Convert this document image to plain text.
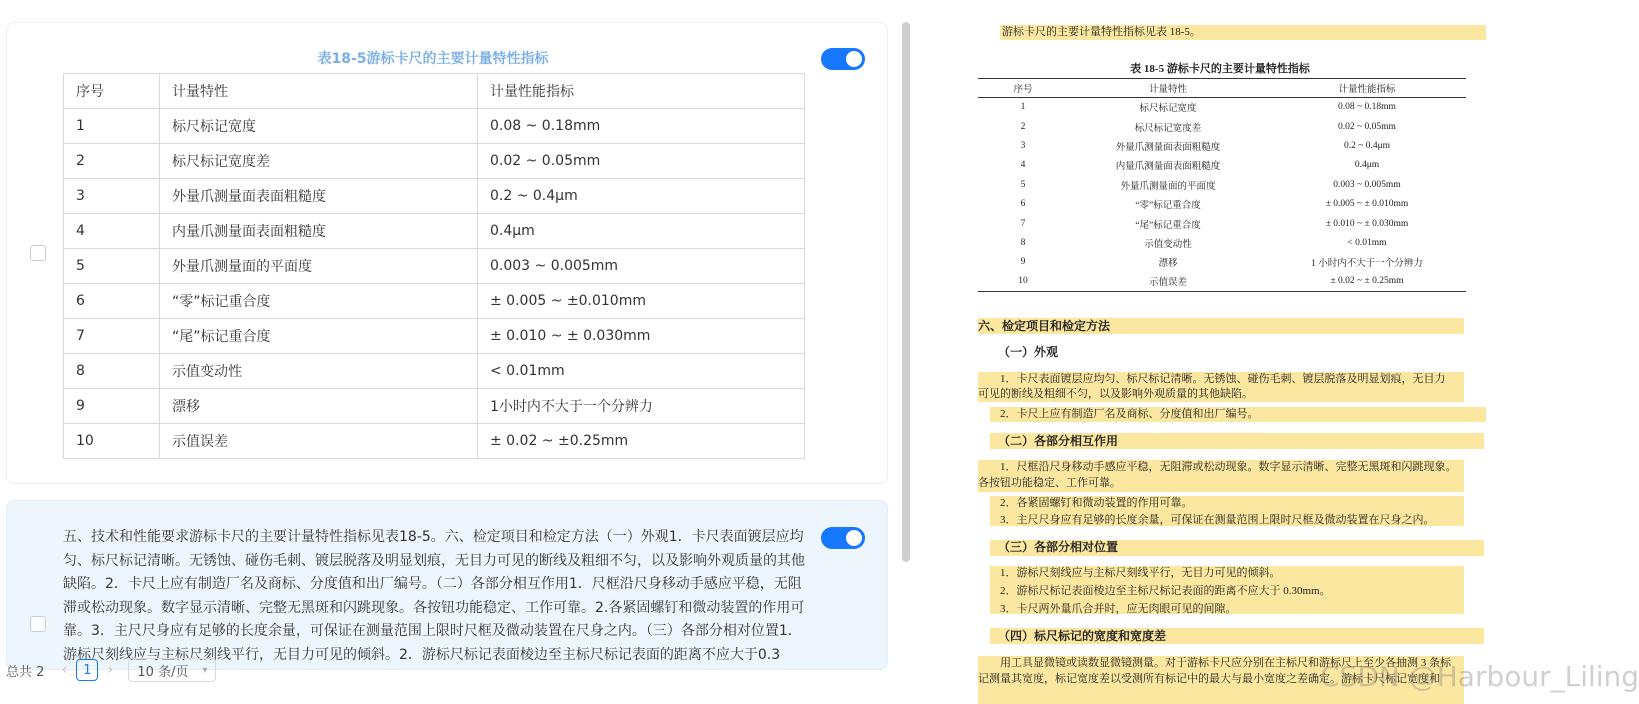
表18-5游标卡尺的主要计量特性指标
序号	计量特性	计量性能指标
1	标尺标记宽度	0.08 ~ 0.18mm
2	标尺标记宽度差	0.02 ~ 0.05mm
3	外量爪测量面表面粗糙度	0.2 ~ 0.4μm
4	内量爪测量面表面粗糙度	0.4μm
5	外量爪测量面的平面度	0.003 ~ 0.005mm
6	“零”标记重合度	± 0.005 ~ ±0.010mm
7	“尾”标记重合度	± 0.010 ~ ± 0.030mm
8	示值变动性	< 0.01mm
9	漂移	1小时内不大于一个分辨力
10	示值误差	± 0.02 ~ ±0.25mm
五、技术和性能要求游标卡尺的主要计量特性指标见表18-5。六、检定项目和检定方法（一）外观1．卡尺表面镀层应均匀、标尺标记清晰。无锈蚀、碰伤毛刺、镀层脱落及明显划痕，无目力可见的断线及粗细不匀，以及影响外观质量的其他缺陷。2．卡尺上应有制造厂名及商标、分度值和出厂编号。（二）各部分相互作用1．尺框沿尺身移动手感应平稳，无阻滞或松动现象。数字显示清晰、完整无黑斑和闪跳现象。各按钮功能稳定、工作可靠。2.各紧固螺钉和微动装置的作用可靠。3．主尺尺身应有足够的长度余量，可保证在测量范围上限时尺框及微动装置在尺身之内。（三）各部分相对位置1．游标尺刻线应与主标尺刻线平行，无目力可见的倾斜。2．游标尺标记表面棱边至主标尺标记表面的距离不应大于0.3
总共 2	‹	1	›	10 条/页 ▾
游标卡尺的主要计量特性指标见表 18-5。
表 18-5 游标卡尺的主要计量特性指标
序号	计量特性	计量性能指标
1	标尺标记宽度	0.08 ~ 0.18mm
2	标尺标记宽度差	0.02 ~ 0.05mm
3	外量爪测量面表面粗糙度	0.2 ~ 0.4μm
4	内量爪测量面表面粗糙度	0.4μm
5	外量爪测量面的平面度	0.003 ~ 0.005mm
6	“零”标记重合度	± 0.005 ~ ± 0.010mm
7	“尾”标记重合度	± 0.010 ~ ± 0.030mm
8	示值变动性	< 0.01mm
9	漂移	1 小时内不大于一个分辨力
10	示值误差	± 0.02 ~ ± 0.25mm
六、检定项目和检定方法
（一）外观
1．卡尺表面镀层应均匀、标尺标记清晰。无锈蚀、碰伤毛刺、镀层脱落及明显划痕，无目力
可见的断线及粗细不匀，以及影响外观质量的其他缺陷。
2．卡尺上应有制造厂名及商标、分度值和出厂编号。
（二）各部分相互作用
1．尺框沿尺身移动手感应平稳，无阻滞或松动现象。数字显示清晰、完整无黑斑和闪跳现象。
各按钮功能稳定、工作可靠。
2．各紧固螺钉和微动装置的作用可靠。
3．主尺尺身应有足够的长度余量，可保证在测量范围上限时尺框及微动装置在尺身之内。
（三）各部分相对位置
1．游标尺刻线应与主标尺刻线平行，无目力可见的倾斜。
2．游标尺标记表面棱边至主标尺标记表面的距离不应大于 0.30mm。
3．卡尺两外量爪合并时，应无肉眼可见的间隙。
（四）标尺标记的宽度和宽度差
用工具显微镜或读数显微镜测量。对于游标卡尺应分别在主标尺和游标尺上至少各抽测 3 条标
记测量其宽度，标记宽度差以受测所有标记中的最大与最小宽度之差确定。游标卡尺标记宽度和
CSDN @Harbour_Liling
